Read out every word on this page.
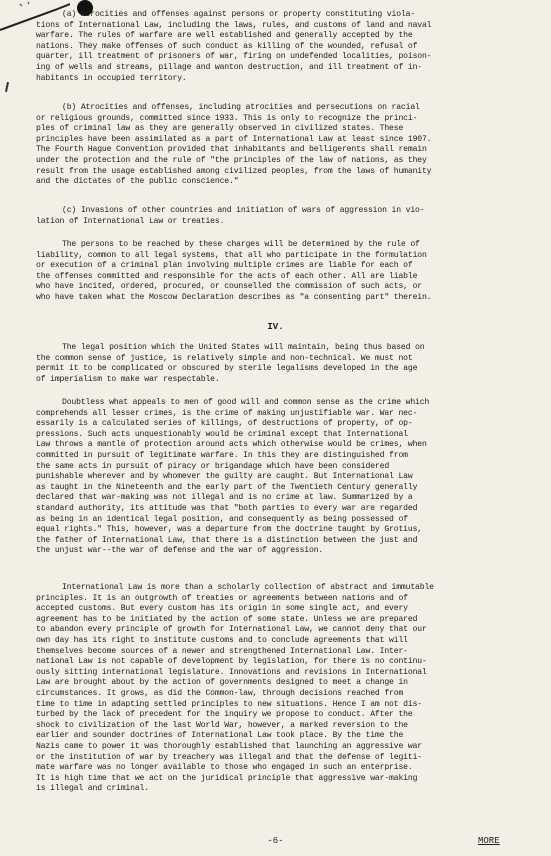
(a) Atrocities and offenses against persons or property constituting viola-
tions of International Law, including the laws, rules, and customs of land and naval
warfare. The rules of warfare are well established and generally accepted by the
nations. They make offenses of such conduct as killing of the wounded, refusal of
quarter, ill treatment of prisoners of war, firing on undefended localities, poison-
ing of wells and streams, pillage and wanton destruction, and ill treatment of in-
habitants in occupied territory.

(b) Atrocities and offenses, including atrocities and persecutions on racial
or religious grounds, committed since 1933. This is only to recognize the princi-
ples of criminal law as they are generally observed in civilized states. These
principles have been assimilated as a part of International Law at least since 1907.
The Fourth Hague Convention provided that inhabitants and belligerents shall remain
under the protection and the rule of "the principles of the law of nations, as they
result from the usage established among civilized peoples, from the laws of humanity
and the dictates of the public conscience."

(c) Invasions of other countries and initiation of wars of aggression in vio-
lation of International Law or treaties.

The persons to be reached by these charges will be determined by the rule of
liability, common to all legal systems, that all who participate in the formulation
or execution of a criminal plan involving multiple crimes are liable for each of
the offenses committed and responsible for the acts of each other. All are liable
who have incited, ordered, procured, or counselled the commission of such acts, or
who have taken what the Moscow Declaration describes as "a consenting part" therein.

IV.

The legal position which the United States will maintain, being thus based on
the common sense of justice, is relatively simple and non-technical. We must not
permit it to be complicated or obscured by sterile legalisms developed in the age
of imperialism to make war respectable.

Doubtless what appeals to men of good will and common sense as the crime which
comprehends all lesser crimes, is the crime of making unjustifiable war. War nec-
essarily is a calculated series of killings, of destructions of property, of op-
pressions. Such acts unquestionably would be criminal except that International
Law throws a mantle of protection around acts which otherwise would be crimes, when
committed in pursuit of legitimate warfare. In this they are distinguished from
the same acts in pursuit of piracy or brigandage which have been considered
punishable wherever and by whomever the guilty are caught. But International Law
as taught in the Nineteenth and the early part of the Twentieth Century generally
declared that war-making was not illegal and is no crime at law. Summarized by a
standard authority, its attitude was that "both parties to every war are regarded
as being in an identical legal position, and consequently as being possessed of
equal rights." This, however, was a departure from the doctrine taught by Grotius,
the father of International Law, that there is a distinction between the just and
the unjust war--the war of defense and the war of aggression.

International Law is more than a scholarly collection of abstract and immutable
principles. It is an outgrowth of treaties or agreements between nations and of
accepted customs. But every custom has its origin in some single act, and every
agreement has to be initiated by the action of some state. Unless we are prepared
to abandon every principle of growth for International Law, we cannot deny that our
own day has its right to institute customs and to conclude agreements that will
themselves become sources of a newer and strengthened International Law. Inter-
national Law is not capable of development by legislation, for there is no continu-
ously sitting international legislature. Innovations and revisions in International
Law are brought about by the action of governments designed to meet a change in
circumstances. It grows, as did the Common-law, through decisions reached from
time to time in adapting settled principles to new situations. Hence I am not dis-
turbed by the lack of precedent for the inquiry we propose to conduct. After the
shock to civilization of the last World War, however, a marked reversion to the
earlier and sounder doctrines of International Law took place. By the time the
Nazis came to power it was thoroughly established that launching an aggressive war
or the institution of war by treachery was illegal and that the defense of legiti-
mate warfare was no longer available to those who engaged in such an enterprise.
It is high time that we act on the juridical principle that aggressive war-making
is illegal and criminal.

-6-	MORE
